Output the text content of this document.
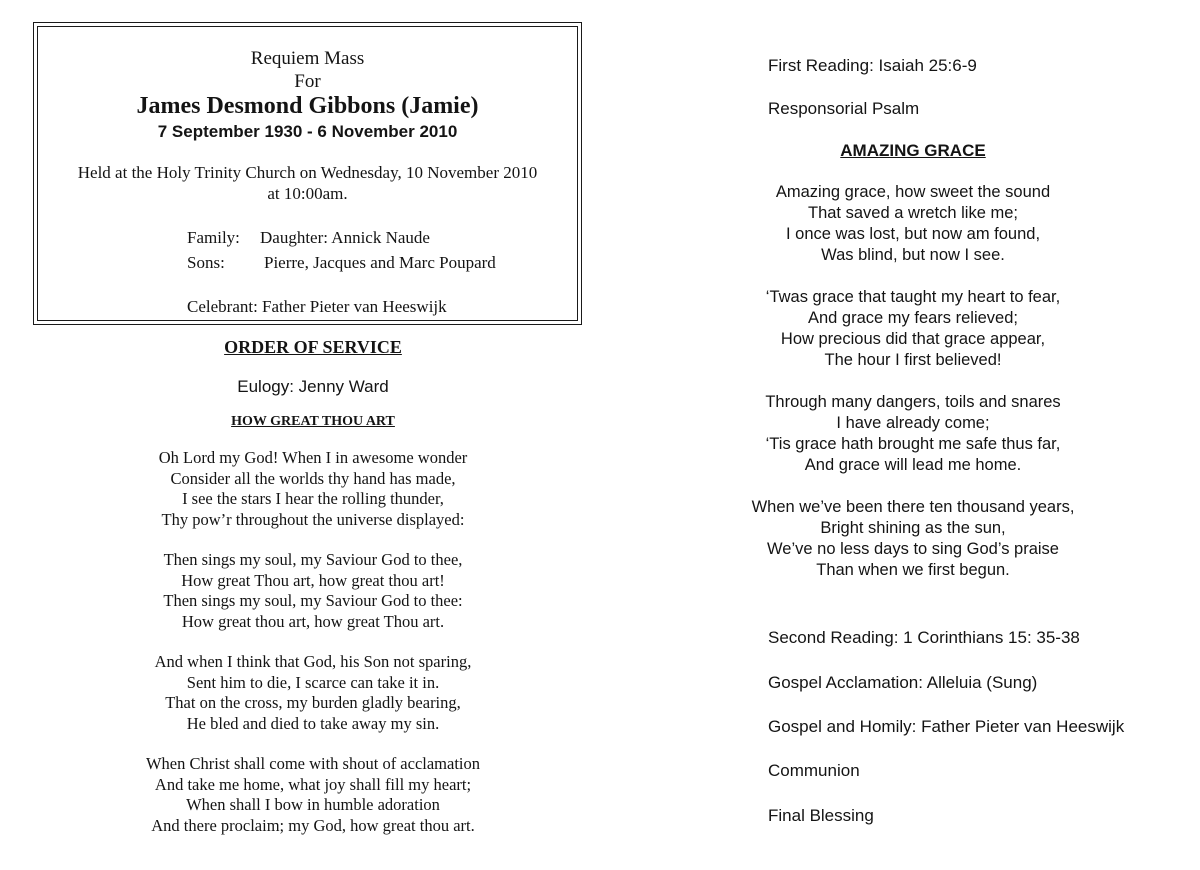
Requiem Mass
For
James Desmond Gibbons (Jamie)
7 September 1930 - 6 November 2010
Held at the Holy Trinity Church on Wednesday, 10 November 2010
at 10:00am.
Family: Daughter: Annick Naude
Sons: Pierre, Jacques and Marc Poupard
Celebrant: Father Pieter van Heeswijk
ORDER OF SERVICE
Eulogy: Jenny Ward
HOW GREAT THOU ART
Oh Lord my God! When I in awesome wonder
Consider all the worlds thy hand has made,
I see the stars I hear the rolling thunder,
Thy pow’r throughout the universe displayed:
Then sings my soul, my Saviour God to thee,
How great Thou art, how great thou art!
Then sings my soul, my Saviour God to thee:
How great thou art, how great Thou art.
And when I think that God, his Son not sparing,
Sent him to die, I scarce can take it in.
That on the cross, my burden gladly bearing,
He bled and died to take away my sin.
When Christ shall come with shout of acclamation
And take me home, what joy shall fill my heart;
When shall I bow in humble adoration
And there proclaim; my God, how great thou art.
First Reading: Isaiah 25:6-9
Responsorial Psalm
AMAZING GRACE
Amazing grace, how sweet the sound
That saved a wretch like me;
I once was lost, but now am found,
Was blind, but now I see.
‘Twas grace that taught my heart to fear,
And grace my fears relieved;
How precious did that grace appear,
The hour I first believed!
Through many dangers, toils and snares
I have already come;
‘Tis grace hath brought me safe thus far,
And grace will lead me home.
When we’ve been there ten thousand years,
Bright shining as the sun,
We’ve no less days to sing God’s praise
Than when we first begun.
Second Reading: 1 Corinthians 15: 35-38
Gospel Acclamation: Alleluia (Sung)
Gospel and Homily: Father Pieter van Heeswijk
Communion
Final Blessing
